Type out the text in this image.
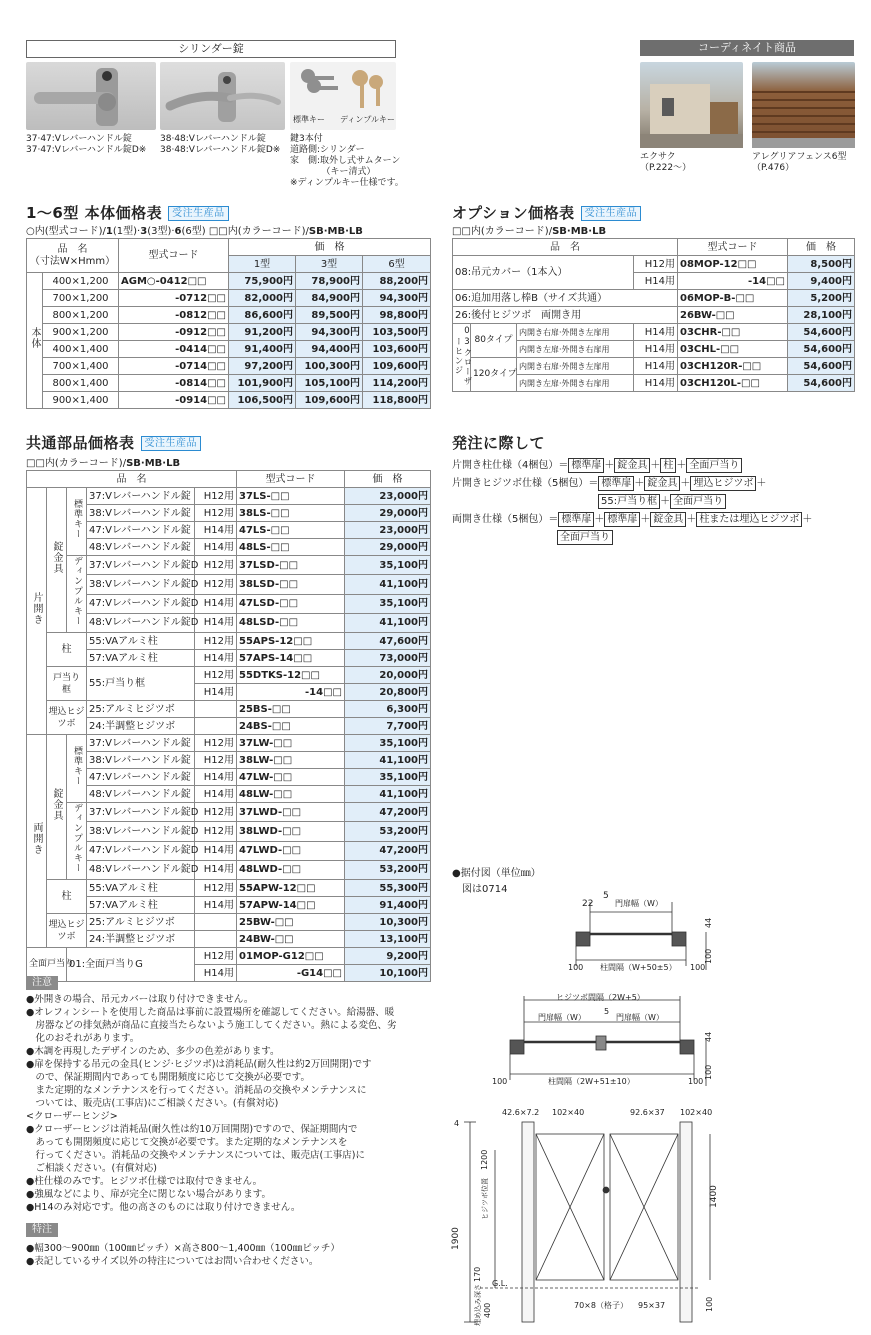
シリンダー錠
標準キー ディンプルキー
37·47:Vレバーハンドル錠
37·47:Vレバーハンドル錠D※
38·48:Vレバーハンドル錠
38·48:Vレバーハンドル錠D※
鍵3本付
道路側:シリンダー
家　側:取外し式サムターン
　　　　（キー清式）
※ディンプルキー仕様です。
コーディネイト商品
エクサク
（P.222〜）
アレグリアフェンス6型
（P.476）
1〜6型 本体価格表 受注生産品
○内(型式コード)/1(1型)·3(3型)·6(6型) □□内(カラーコード)/SB·MB·LB
品　名
（寸法W×Hmm）		型式コード	価　格		
			1型	3型	6型
本体	400×1,200	AGM○-0412□□	75,900円	78,900円	88,200円
	700×1,200	-0712□□	82,000円	84,900円	94,300円
	800×1,200	-0812□□	86,600円	89,500円	98,800円
	900×1,200	-0912□□	91,200円	94,300円	103,500円
	400×1,400	-0414□□	91,400円	94,400円	103,600円
	700×1,400	-0714□□	97,200円	100,300円	109,600円
	800×1,400	-0814□□	101,900円	105,100円	114,200円
	900×1,400	-0914□□	106,500円	109,600円	118,800円
オプション価格表 受注生産品
□□内(カラーコード)/SB·MB·LB
品　名				型式コード	価　格
08:吊元カバー（1本入）			H12用	08MOP-12□□	8,500円
			H14用	-14□□	9,400円
06:追加用落し棒B（サイズ共通）				06MOP-B-□□	5,200円
26:後付ヒジツボ　両開き用				26BW-□□	28,100円
03クローザーヒンジ	80タイプ	内開き右扉·外開き左扉用	H14用	03CHR-□□	54,600円
		内開き左扉·外開き右扉用	H14用	03CHL-□□	54,600円
	120タイプ	内開き右扉·外開き左扉用	H14用	03CH120R-□□	54,600円
		内開き左扉·外開き右扉用	H14用	03CH120L-□□	54,600円
共通部品価格表 受注生産品
□□内(カラーコード)/SB·MB·LB
品　名					型式コード	価　格
片開き	錠金具	標準キー	37:Vレバーハンドル錠	H12用	37LS-□□	23,000円
			38:Vレバーハンドル錠	H12用	38LS-□□	29,000円
			47:Vレバーハンドル錠	H14用	47LS-□□	23,000円
			48:Vレバーハンドル錠	H14用	48LS-□□	29,000円
		ディンプルキー	37:Vレバーハンドル錠D	H12用	37LSD-□□	35,100円
			38:Vレバーハンドル錠D	H12用	38LSD-□□	41,100円
			47:Vレバーハンドル錠D	H14用	47LSD-□□	35,100円
			48:Vレバーハンドル錠D	H14用	48LSD-□□	41,100円
	柱		55:VAアルミ柱	H12用	55APS-12□□	47,600円
			57:VAアルミ柱	H14用	57APS-14□□	73,000円
	戸当り框		55:戸当り框	H12用	55DTKS-12□□	20,000円
				H14用	-14□□	20,800円
	埋込ヒジツボ		25:アルミヒジツボ		25BS-□□	6,300円
			24:半調整ヒジツボ		24BS-□□	7,700円
両開き	錠金具	標準キー	37:Vレバーハンドル錠	H12用	37LW-□□	35,100円
			38:Vレバーハンドル錠	H12用	38LW-□□	41,100円
			47:Vレバーハンドル錠	H14用	47LW-□□	35,100円
			48:Vレバーハンドル錠	H14用	48LW-□□	41,100円
		ディンプルキー	37:Vレバーハンドル錠D	H12用	37LWD-□□	47,200円
			38:Vレバーハンドル錠D	H12用	38LWD-□□	53,200円
			47:Vレバーハンドル錠D	H14用	47LWD-□□	47,200円
			48:Vレバーハンドル錠D	H14用	48LWD-□□	53,200円
	柱		55:VAアルミ柱	H12用	55APW-12□□	55,300円
			57:VAアルミ柱	H14用	57APW-14□□	91,400円
	埋込ヒジツボ		25:アルミヒジツボ		25BW-□□	10,300円
			24:半調整ヒジツボ		24BW-□□	13,100円
全面戸当り		01:全面戸当りG		H12用	01MOP-G12□□	9,200円
				H14用	-G14□□	10,100円
発注に際して
片開き柱仕様（4梱包）＝ 標準扉 ＋ 錠金具 ＋ 柱 ＋ 全面戸当り
片開きヒジツボ仕様（5梱包）＝ 標準扉 ＋ 錠金具 ＋ 埋込ヒジツボ ＋
55:戸当り框 ＋ 全面戸当り
両開き仕様（5梱包）＝ 標準扉 ＋ 標準扉 ＋ 錠金具 ＋ 柱または埋込ヒジツボ ＋
全面戸当り
注意
●外開きの場合、吊元カバーは取り付けできません。
●オレフィンシートを使用した商品は事前に設置場所を確認してください。給湯器、暖
　房器などの排気熱が商品に直接当たらないよう施工してください。熱による変色、劣
　化のおそれがあります。
●木調を再現したデザインのため、多少の色差があります。
●扉を保持する吊元の金具(ヒンジ·ヒジツボ)は消耗品(耐久性は約2万回開閉)です
　ので、保証期間内であっても開閉頻度に応じて交換が必要です。
　また定期的なメンテナンスを行ってください。消耗品の交換やメンテナンスに
　ついては、販売店(工事店)にご相談ください。(有償対応)
<クローザーヒンジ>
●クローザーヒンジは消耗品(耐久性は約10万回開閉)ですので、保証期間内で
　あっても開閉頻度に応じて交換が必要です。また定期的なメンテナンスを
　行ってください。消耗品の交換やメンテナンスについては、販売店(工事店)に
　ご相談ください。(有償対応)
●柱仕様のみです。ヒジツボ仕様では取付できません。
●強風などにより、扉が完全に閉じない場合があります。
●H14のみ対応です。他の高さのものには取り付けできません。
特注
●幅300〜900㎜（100㎜ピッチ）×高さ800〜1,400㎜（100㎜ピッチ）
●表記しているサイズ以外の特注についてはお問い合わせください。
●据付図（単位㎜）
図は0714
22
5
門扉幅（W）
44
100 柱間隔（W+50±5） 100
100
ヒジツボ間隔（2W+5）
5
門扉幅（W）	門扉幅（W）
44
100	柱間隔（2W+51±10）	100
100
42.6×7.2 102×40	92.6×37 102×40
4
1900
1400
ヒジツボ位置
1200
170
G.L.
埋め込み深さ 400	100
70×8（格子） 95×37
